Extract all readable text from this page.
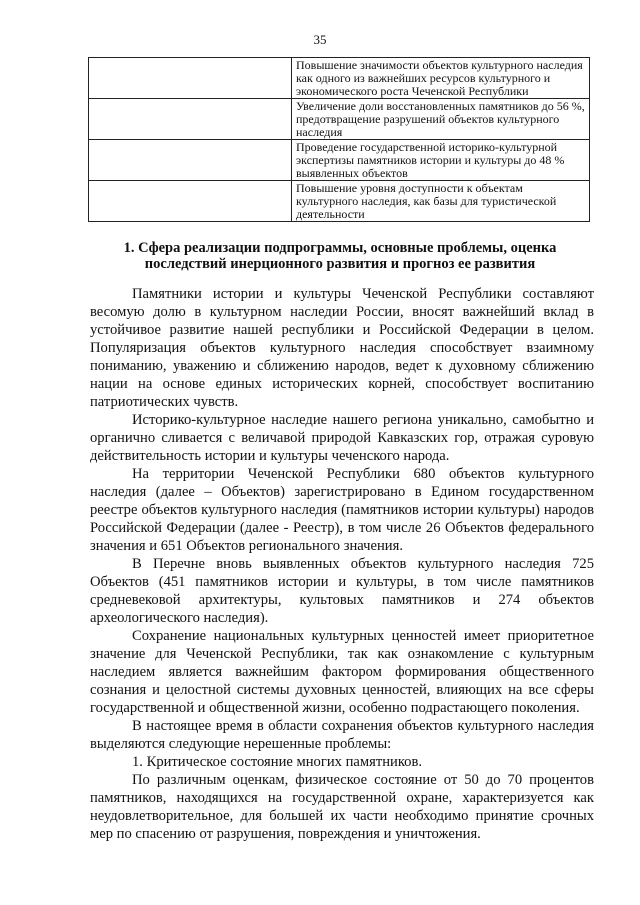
35
	Повышение значимости объектов культурного наследия как одного из важнейших ресурсов культурного и экономического роста Чеченской Республики
	Увеличение доли восстановленных памятников до 56 %, предотвращение разрушений объектов культурного наследия
	Проведение государственной историко-культурной экспертизы памятников истории и культуры до 48 % выявленных объектов
	Повышение уровня доступности к объектам культурного наследия, как базы для туристической деятельности
1. Сфера реализации подпрограммы, основные проблемы, оценка последствий инерционного развития и прогноз ее развития

Памятники истории и культуры Чеченской Республики составляют весомую долю в культурном наследии России, вносят важнейший вклад в устойчивое развитие нашей республики и Российской Федерации в целом. Популяризация объектов культурного наследия способствует взаимному пониманию, уважению и сближению народов, ведет к духовному сближению нации на основе единых исторических корней, способствует воспитанию патриотических чувств.

Историко-культурное наследие нашего региона уникально, самобытно и органично сливается с величавой природой Кавказских гор, отражая суровую действительность истории и культуры чеченского народа.

На территории Чеченской Республики 680 объектов культурного наследия (далее – Объектов) зарегистрировано в Едином государственном реестре объектов культурного наследия (памятников истории культуры) народов Российской Федерации (далее - Реестр), в том числе 26 Объектов федерального значения и 651 Объектов регионального значения.

В Перечне вновь выявленных объектов культурного наследия 725 Объектов (451 памятников истории и культуры, в том числе памятников средневековой архитектуры, культовых памятников и 274 объектов археологического наследия).

Сохранение национальных культурных ценностей имеет приоритетное значение для Чеченской Республики, так как ознакомление с культурным наследием является важнейшим фактором формирования общественного сознания и целостной системы духовных ценностей, влияющих на все сферы государственной и общественной жизни, особенно подрастающего поколения.

В настоящее время в области сохранения объектов культурного наследия выделяются следующие нерешенные проблемы:

1. Критическое состояние многих памятников.

По различным оценкам, физическое состояние от 50 до 70 процентов памятников, находящихся на государственной охране, характеризуется как неудовлетворительное, для большей их части необходимо принятие срочных мер по спасению от разрушения, повреждения и уничтожения.
